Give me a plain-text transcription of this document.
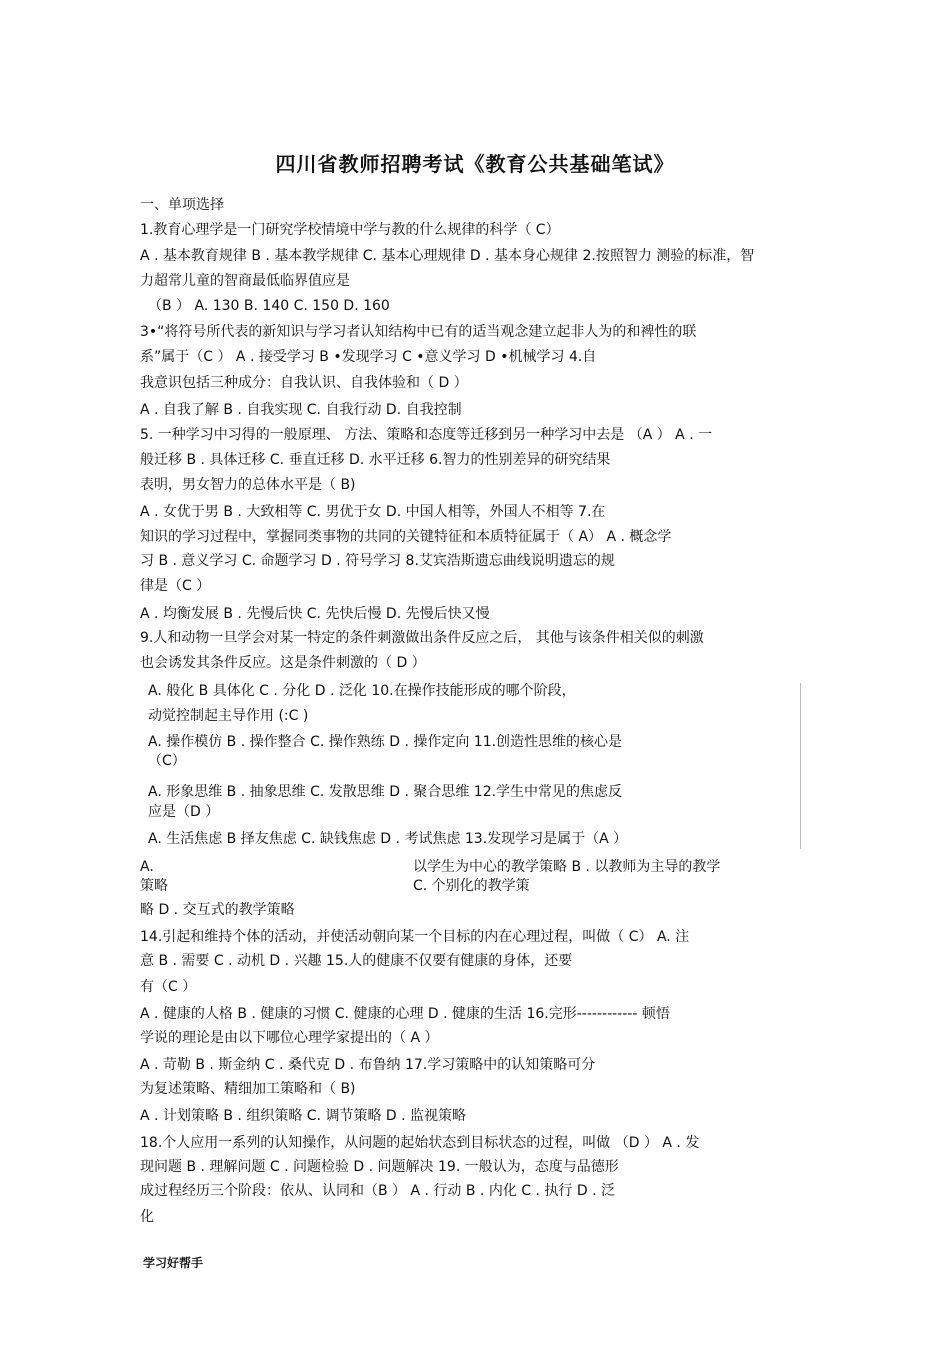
四川省教师招聘考试《教育公共基础笔试》
一、单项选择
1.教育心理学是一门研究学校情境中学与教的什么规律的科学（ C）
A . 基本教育规律 B . 基本教学规律 C. 基本心理规律 D . 基本身心规律 2.按照智力 测验的标准，智
力超常儿童的智商最低临界值应是
（B ） A. 130 B. 140 C. 150 D. 160
3•“将符号所代表的新知识与学习者认知结构中已有的适当观念建立起非人为的和裨性的联
系”属于（C ） A . 接受学习 B •发现学习 C •意义学习 D •机械学习 4.自
我意识包括三种成分：自我认识、自我体验和（ D ）
A . 自我了解 B . 自我实现 C. 自我行动 D. 自我控制
5. 一种学习中习得的一般原理、 方法、策略和态度等迁移到另一种学习中去是 （A ） A . 一
般迁移 B . 具体迁移 C. 垂直迁移 D. 水平迁移 6.智力的性别差异的研究结果
表明，男女智力的总体水平是（ B)
A . 女优于男 B . 大致相等 C. 男优于女 D. 中国人相等，外国人不相等 7.在
知识的学习过程中，掌握同类事物的共同的关键特征和本质特征属于（ A） A . 概念学
习 B . 意义学习 C. 命题学习 D . 符号学习 8.艾宾浩斯遗忘曲线说明遗忘的规
律是（C ）
A . 均衡发展 B . 先慢后快 C. 先快后慢 D. 先慢后快又慢
9.人和动物一旦学会对某一特定的条件刺激做出条件反应之后， 其他与该条件相关似的刺激
也会诱发其条件反应。这是条件刺激的（ D ）
A. 般化 B 具体化 C . 分化 D . 泛化 10.在操作技能形成的哪个阶段，
动觉控制起主导作用 (:C )
A. 操作模仿 B . 操作整合 C. 操作熟练 D . 操作定向 11.创造性思维的核心是
（C）
A. 形象思维 B . 抽象思维 C. 发散思维 D . 聚合思维 12.学生中常见的焦虑反
应是（D ）
A. 生活焦虑 B 择友焦虑 C. 缺钱焦虑 D . 考试焦虑 13.发现学习是属于（A ）
A.	以学生为中心的教学策略 B . 以教师为主导的教学
策略	C. 个别化的教学策
略 D . 交互式的教学策略
14.引起和维持个体的活动，并使活动朝向某一个目标的内在心理过程，叫做（ C） A. 注
意 B . 需要 C . 动机 D . 兴趣 15.人的健康不仅要有健康的身体，还要
有（C ）
A . 健康的人格 B . 健康的习惯 C. 健康的心理 D . 健康的生活 16.完形------------ 顿悟
学说的理论是由以下哪位心理学家提出的（ A ）
A . 苛勒 B . 斯金纳 C . 桑代克 D . 布鲁纳 17.学习策略中的认知策略可分
为复述策略、精细加工策略和（ B)
A . 计划策略 B . 组织策略 C. 调节策略 D . 监视策略
18.个人应用一系列的认知操作，从问题的起始状态到目标状态的过程，叫做 （D ） A . 发
现问题 B . 理解问题 C . 问题检验 D . 问题解决 19. 一般认为，态度与品德形
成过程经历三个阶段：依从、认同和（B ） A . 行动 B . 内化 C . 执行 D . 泛
化
学习好帮手
